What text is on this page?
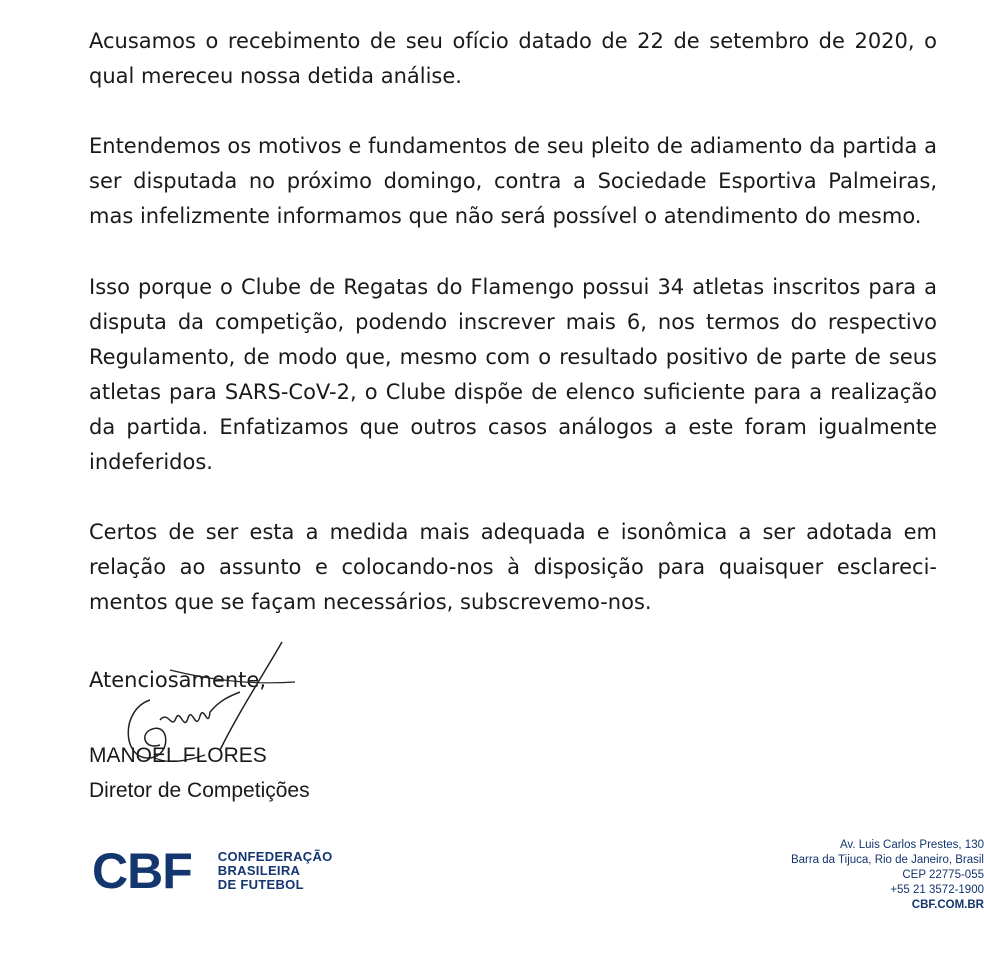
Acusamos o recebimento de seu ofício datado de 22 de setembro de 2020, o qual mereceu nossa detida análise.

Entendemos os motivos e fundamentos de seu pleito de adiamento da partida a ser disputada no próximo domingo, contra a Sociedade Esportiva Palmeiras, mas infelizmente informamos que não será possível o atendimento do mesmo.

Isso porque o Clube de Regatas do Flamengo possui 34 atletas inscritos para a disputa da competição, podendo inscrever mais 6, nos termos do respectivo Regulamento, de modo que, mesmo com o resultado positivo de parte de seus atletas para SARS-CoV-2, o Clube dispõe de elenco suficiente para a realização da partida. Enfatizamos que outros casos análogos a este foram igualmente indeferidos.

Certos de ser esta a medida mais adequada e isonômica a ser adotada em relação ao assunto e colocando-nos à disposição para quaisquer esclareci-mentos que se façam necessários, subscrevemo-nos.

Atenciosamente,
MANOEL FLORES
Diretor de Competições
CBF CONFEDERAÇÃO
BRASILEIRA
DE FUTEBOL
Av. Luis Carlos Prestes, 130
Barra da Tijuca, Rio de Janeiro, Brasil
CEP 22775-055
+55 21 3572-1900
CBF.COM.BR
